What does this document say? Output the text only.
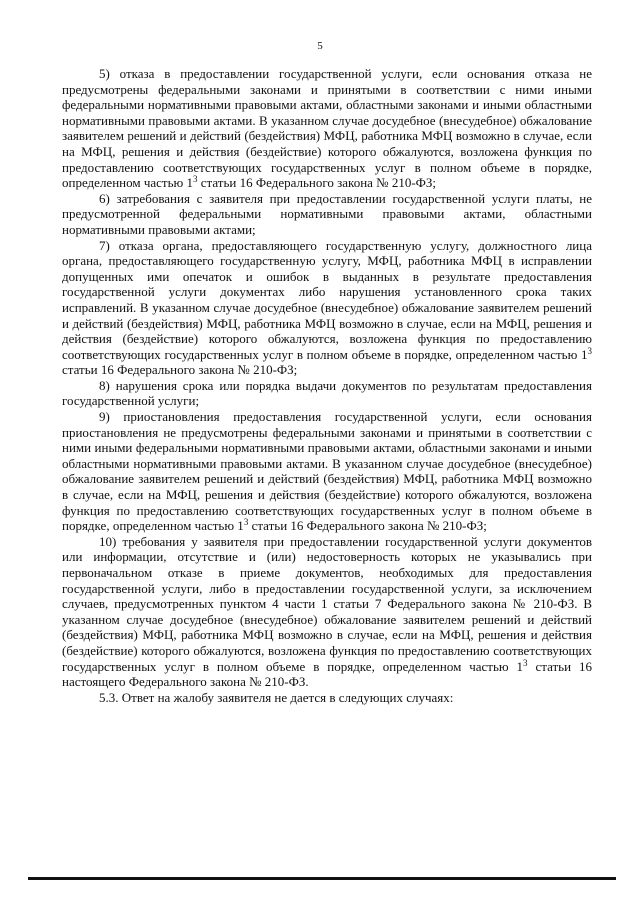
5

5) отказа в предоставлении государственной услуги, если основания отказа не предусмотрены федеральными законами и принятыми в соответствии с ними иными федеральными нормативными правовыми актами, областными законами и иными областными нормативными правовыми актами. В указанном случае досудебное (внесудебное) обжалование заявителем решений и действий (бездействия) МФЦ, работника МФЦ возможно в случае, если на МФЦ, решения и действия (бездействие) которого обжалуются, возложена функция по предоставлению соответствующих государственных услуг в полном объеме в порядке, определенном частью $1^3$ статьи 16 Федерального закона № 210-ФЗ;

6) затребования с заявителя при предоставлении государственной услуги платы, не предусмотренной федеральными нормативными правовыми актами, областными нормативными правовыми актами;

7) отказа органа, предоставляющего государственную услугу, должностного лица органа, предоставляющего государственную услугу, МФЦ, работника МФЦ в исправлении допущенных ими опечаток и ошибок в выданных в результате предоставления государственной услуги документах либо нарушения установленного срока таких исправлений. В указанном случае досудебное (внесудебное) обжалование заявителем решений и действий (бездействия) МФЦ, работника МФЦ возможно в случае, если на МФЦ, решения и действия (бездействие) которого обжалуются, возложена функция по предоставлению соответствующих государственных услуг в полном объеме в порядке, определенном частью $1^3$ статьи 16 Федерального закона № 210-ФЗ;

8) нарушения срока или порядка выдачи документов по результатам предоставления государственной услуги;

9) приостановления предоставления государственной услуги, если основания приостановления не предусмотрены федеральными законами и принятыми в соответствии с ними иными федеральными нормативными правовыми актами, областными законами и иными областными нормативными правовыми актами. В указанном случае досудебное (внесудебное) обжалование заявителем решений и действий (бездействия) МФЦ, работника МФЦ возможно в случае, если на МФЦ, решения и действия (бездействие) которого обжалуются, возложена функция по предоставлению соответствующих государственных услуг в полном объеме в порядке, определенном частью $1^3$ статьи 16 Федерального закона № 210-ФЗ;

10) требования у заявителя при предоставлении государственной услуги документов или информации, отсутствие и (или) недостоверность которых не указывались при первоначальном отказе в приеме документов, необходимых для предоставления государственной услуги, либо в предоставлении государственной услуги, за исключением случаев, предусмотренных пунктом 4 части 1 статьи 7 Федерального закона № 210-ФЗ. В указанном случае досудебное (внесудебное) обжалование заявителем решений и действий (бездействия) МФЦ, работника МФЦ возможно в случае, если на МФЦ, решения и действия (бездействие) которого обжалуются, возложена функция по предоставлению соответствующих государственных услуг в полном объеме в порядке, определенном частью $1^3$ статьи 16 настоящего Федерального закона № 210-ФЗ.

5.3. Ответ на жалобу заявителя не дается в следующих случаях:
